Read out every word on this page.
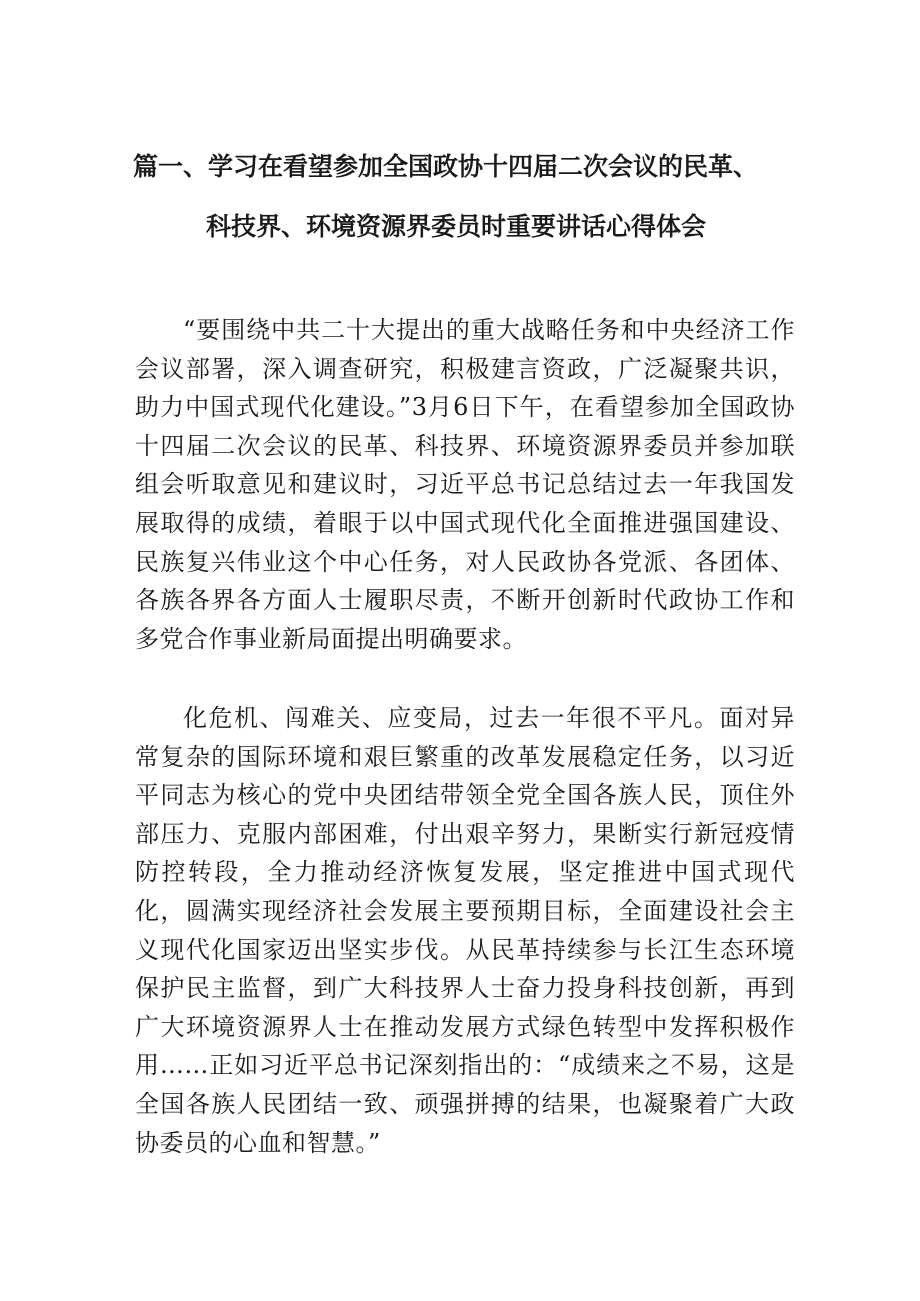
篇一、学习在看望参加全国政协十四届二次会议的民革、
科技界、环境资源界委员时重要讲话心得体会

“要围绕中共二十大提出的重大战略任务和中央经济工作会议部署，深入调查研究，积极建言资政，广泛凝聚共识，助力中国式现代化建设。”3月6日下午，在看望参加全国政协十四届二次会议的民革、科技界、环境资源界委员并参加联组会听取意见和建议时，习近平总书记总结过去一年我国发展取得的成绩，着眼于以中国式现代化全面推进强国建设、民族复兴伟业这个中心任务，对人民政协各党派、各团体、各族各界各方面人士履职尽责，不断开创新时代政协工作和多党合作事业新局面提出明确要求。

化危机、闯难关、应变局，过去一年很不平凡。面对异常复杂的国际环境和艰巨繁重的改革发展稳定任务，以习近平同志为核心的党中央团结带领全党全国各族人民，顶住外部压力、克服内部困难，付出艰辛努力，果断实行新冠疫情防控转段，全力推动经济恢复发展，坚定推进中国式现代化，圆满实现经济社会发展主要预期目标，全面建设社会主义现代化国家迈出坚实步伐。从民革持续参与长江生态环境保护民主监督，到广大科技界人士奋力投身科技创新，再到广大环境资源界人士在推动发展方式绿色转型中发挥积极作用……正如习近平总书记深刻指出的：“成绩来之不易，这是全国各族人民团结一致、顽强拼搏的结果，也凝聚着广大政协委员的心血和智慧。”
